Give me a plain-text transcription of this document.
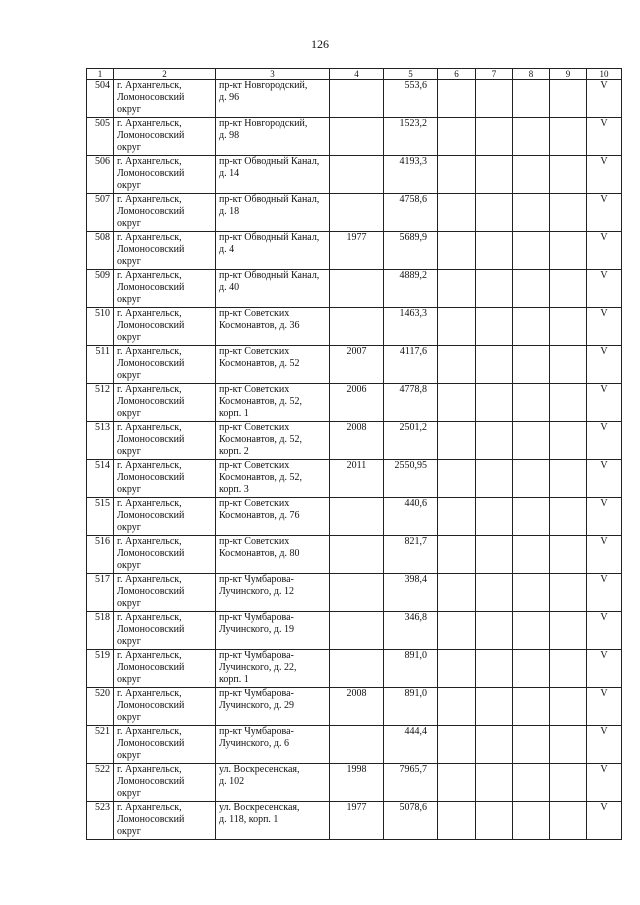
126
1	2	3	4	5	6	7	8	9	10
504	г. Архангельск,
Ломоносовский
округ	пр-кт Новгородский,
д. 96		553,6					V
505	г. Архангельск,
Ломоносовский
округ	пр-кт Новгородский,
д. 98		1523,2					V
506	г. Архангельск,
Ломоносовский
округ	пр-кт Обводный Канал,
д. 14		4193,3					V
507	г. Архангельск,
Ломоносовский
округ	пр-кт Обводный Канал,
д. 18		4758,6					V
508	г. Архангельск,
Ломоносовский
округ	пр-кт Обводный Канал,
д. 4	1977	5689,9					V
509	г. Архангельск,
Ломоносовский
округ	пр-кт Обводный Канал,
д. 40		4889,2					V
510	г. Архангельск,
Ломоносовский
округ	пр-кт Советских
Космонавтов, д. 36		1463,3					V
511	г. Архангельск,
Ломоносовский
округ	пр-кт Советских
Космонавтов, д. 52	2007	4117,6					V
512	г. Архангельск,
Ломоносовский
округ	пр-кт Советских
Космонавтов, д. 52,
корп. 1	2006	4778,8					V
513	г. Архангельск,
Ломоносовский
округ	пр-кт Советских
Космонавтов, д. 52,
корп. 2	2008	2501,2					V
514	г. Архангельск,
Ломоносовский
округ	пр-кт Советских
Космонавтов, д. 52,
корп. 3	2011	2550,95					V
515	г. Архангельск,
Ломоносовский
округ	пр-кт Советских
Космонавтов, д. 76		440,6					V
516	г. Архангельск,
Ломоносовский
округ	пр-кт Советских
Космонавтов, д. 80		821,7					V
517	г. Архангельск,
Ломоносовский
округ	пр-кт Чумбарова-
Лучинского, д. 12		398,4					V
518	г. Архангельск,
Ломоносовский
округ	пр-кт Чумбарова-
Лучинского, д. 19		346,8					V
519	г. Архангельск,
Ломоносовский
округ	пр-кт Чумбарова-
Лучинского, д. 22,
корп. 1		891,0					V
520	г. Архангельск,
Ломоносовский
округ	пр-кт Чумбарова-
Лучинского, д. 29	2008	891,0					V
521	г. Архангельск,
Ломоносовский
округ	пр-кт Чумбарова-
Лучинского, д. 6		444,4					V
522	г. Архангельск,
Ломоносовский
округ	ул. Воскресенская,
д. 102	1998	7965,7					V
523	г. Архангельск,
Ломоносовский
округ	ул. Воскресенская,
д. 118, корп. 1	1977	5078,6					V
